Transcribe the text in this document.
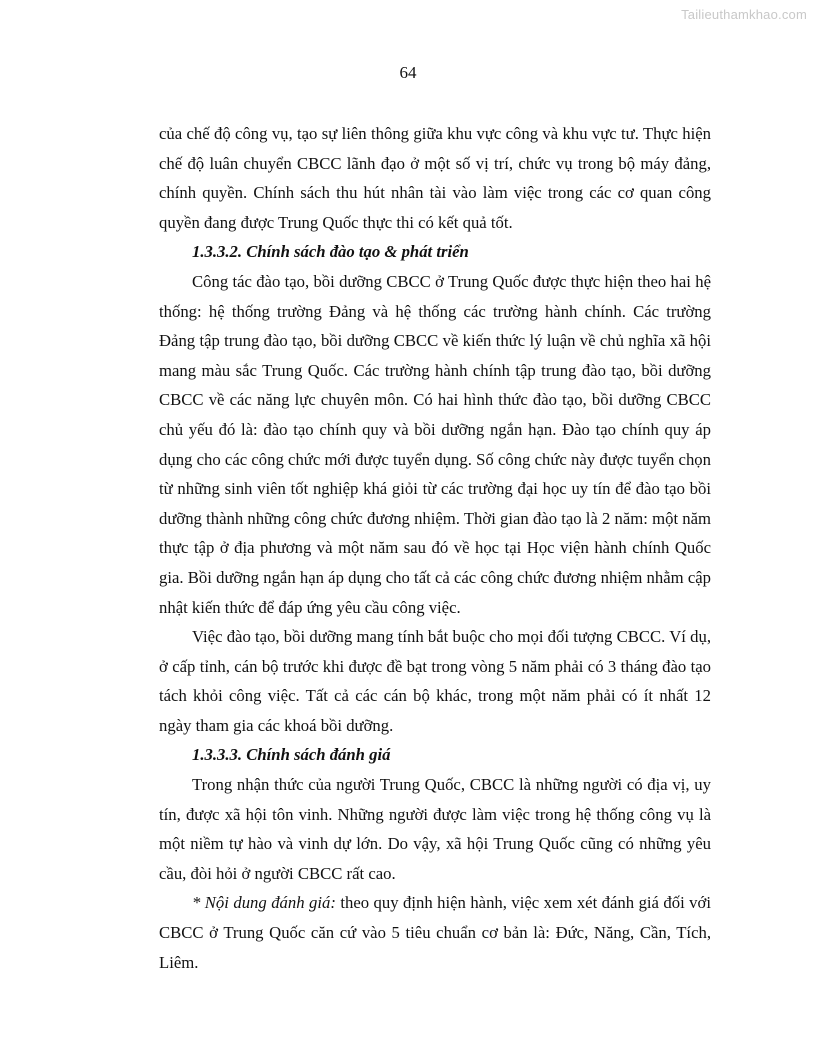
Tailieuthamkhao.com
64

của chế độ công vụ, tạo sự liên thông giữa khu vực công và khu vực tư. Thực hiện chế độ luân chuyển CBCC lãnh đạo ở một số vị trí, chức vụ trong bộ máy đảng, chính quyền. Chính sách thu hút nhân tài vào làm việc trong các cơ quan công quyền đang được Trung Quốc thực thi có kết quả tốt.

1.3.3.2. Chính sách đào tạo & phát triển

Công tác đào tạo, bồi dưỡng CBCC ở Trung Quốc được thực hiện theo hai hệ thống: hệ thống trường Đảng và hệ thống các trường hành chính. Các trường Đảng tập trung đào tạo, bồi dưỡng CBCC về kiến thức lý luận về chủ nghĩa xã hội mang màu sắc Trung Quốc. Các trường hành chính tập trung đào tạo, bồi dưỡng CBCC về các năng lực chuyên môn. Có hai hình thức đào tạo, bồi dưỡng CBCC chủ yếu đó là: đào tạo chính quy và bồi dưỡng ngắn hạn. Đào tạo chính quy áp dụng cho các công chức mới được tuyển dụng. Số công chức này được tuyển chọn từ những sinh viên tốt nghiệp khá giỏi từ các trường đại học uy tín để đào tạo bồi dưỡng thành những công chức đương nhiệm. Thời gian đào tạo là 2 năm: một năm thực tập ở địa phương và một năm sau đó về học tại Học viện hành chính Quốc gia. Bồi dưỡng ngắn hạn áp dụng cho tất cả các công chức đương nhiệm nhằm cập nhật kiến thức để đáp ứng yêu cầu công việc.

Việc đào tạo, bồi dưỡng mang tính bắt buộc cho mọi đối tượng CBCC. Ví dụ, ở cấp tỉnh, cán bộ trước khi được đề bạt trong vòng 5 năm phải có 3 tháng đào tạo tách khỏi công việc. Tất cả các cán bộ khác, trong một năm phải có ít nhất 12 ngày tham gia các khoá bồi dưỡng.

1.3.3.3. Chính sách đánh giá

Trong nhận thức của người Trung Quốc, CBCC là những người có địa vị, uy tín, được xã hội tôn vinh. Những người được làm việc trong hệ thống công vụ là một niềm tự hào và vinh dự lớn. Do vậy, xã hội Trung Quốc cũng có những yêu cầu, đòi hỏi ở người CBCC rất cao.

* Nội dung đánh giá: theo quy định hiện hành, việc xem xét đánh giá đối với CBCC ở Trung Quốc căn cứ vào 5 tiêu chuẩn cơ bản là: Đức, Năng, Cần, Tích, Liêm.
